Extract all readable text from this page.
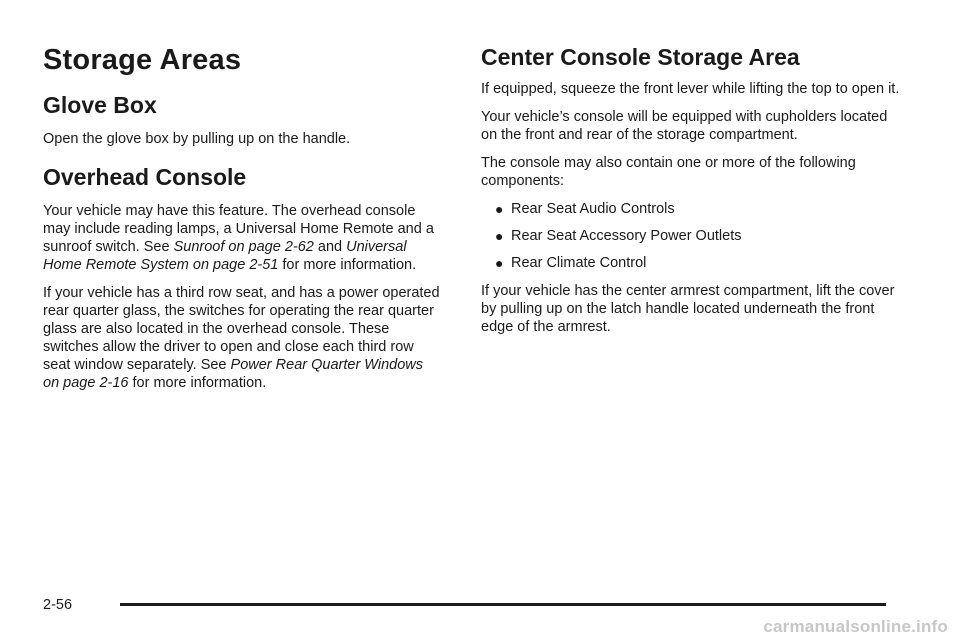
Storage Areas
Glove Box

Open the glove box by pulling up on the handle.

Overhead Console

Your vehicle may have this feature. The overhead console may include reading lamps, a Universal Home Remote and a sunroof switch. See Sunroof on page 2-62 and Universal Home Remote System on page 2-51 for more information.

If your vehicle has a third row seat, and has a power operated rear quarter glass, the switches for operating the rear quarter glass are also located in the overhead console. These switches allow the driver to open and close each third row seat window separately. See Power Rear Quarter Windows on page 2-16 for more information.

Center Console Storage Area

If equipped, squeeze the front lever while lifting the top to open it.

Your vehicle’s console will be equipped with cupholders located on the front and rear of the storage compartment.

The console may also contain one or more of the following components:

● Rear Seat Audio Controls
● Rear Seat Accessory Power Outlets
● Rear Climate Control

If your vehicle has the center armrest compartment, lift the cover by pulling up on the latch handle located underneath the front edge of the armrest.

2-56
carmanualsonline.info
